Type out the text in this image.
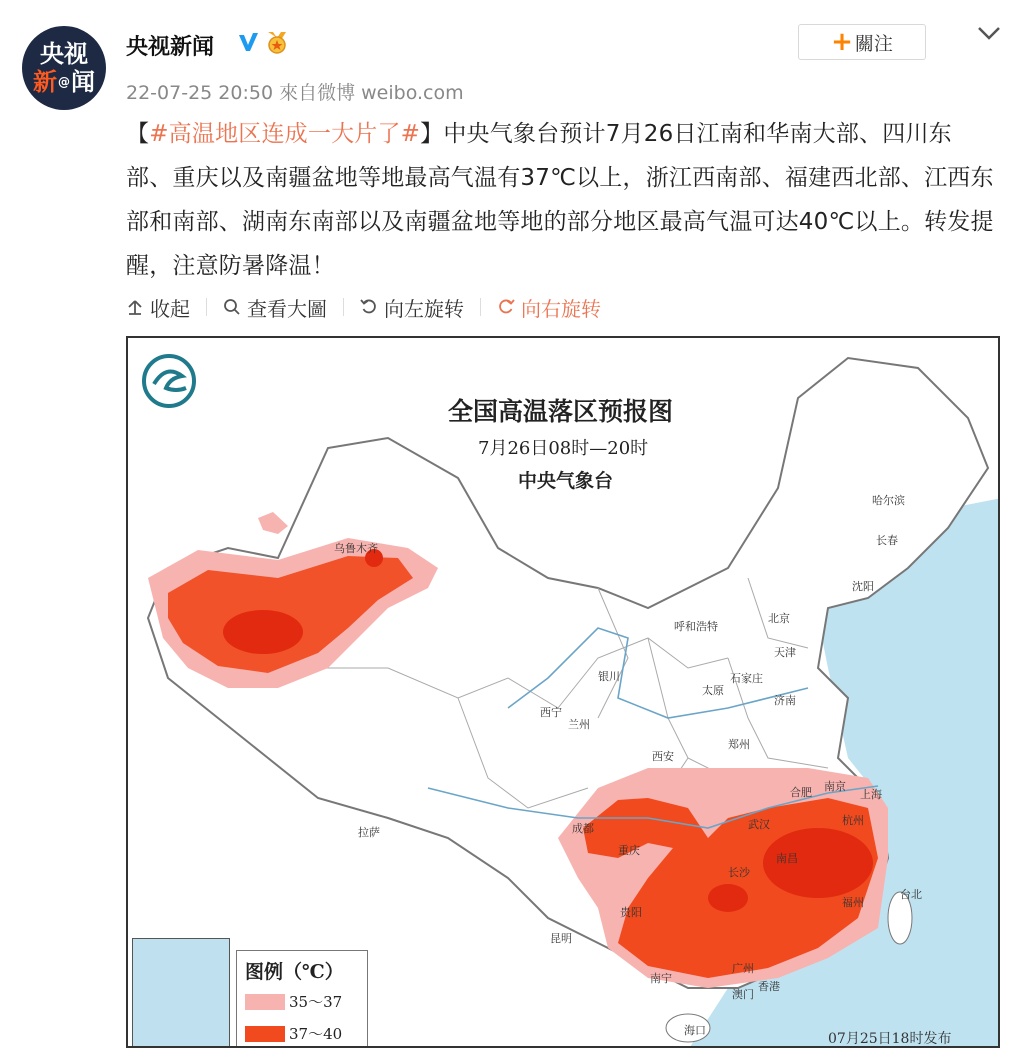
央视
新 @ 闻
央视新闻
22-07-25 20:50 來自微博 weibo.com
+ 關注
【#高温地区连成一大片了#】中央气象台预计7月26日江南和华南大部、四川东部、重庆以及南疆盆地等地最高气温有37℃以上，浙江西南部、福建西北部、江西东部和南部、湖南东南部以及南疆盆地等地的部分地区最高气温可达40℃以上。转发提醒，注意防暑降温！
收起	查看大圖	向左旋转	向右旋转
全国高温落区预报图
7月26日08时—20时
中央气象台
乌鲁木齐
哈尔滨
长春
沈阳
北京
天津
呼和浩特
银川
太原
石家庄
济南
西宁
兰州
郑州
西安
合肥 南京
上海
武汉	杭州
成都
重庆
拉萨
长沙
南昌
福州
台北
贵阳
昆明
南宁
广州
香港
澳门
海口
图例（℃）
35～37
37～40	07月25日18时发布
